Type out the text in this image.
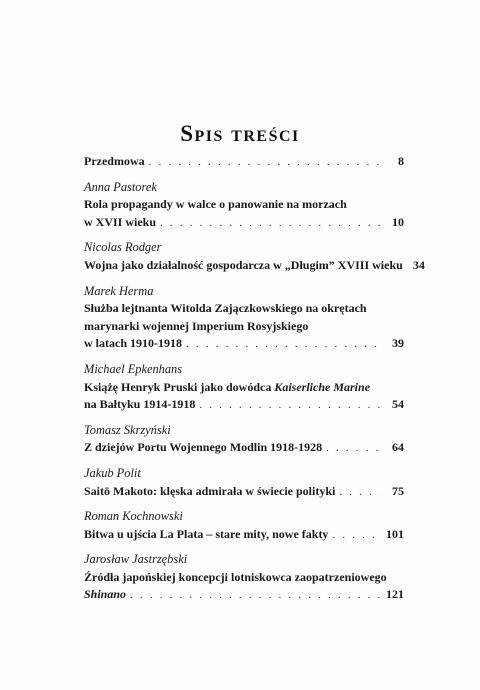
Spis treści
Przedmowa . . .	8
Anna Pastorek
Rola propagandy w walce o panowanie na morzach
w XVII wieku . . .	10
Nicolas Rodger
Wojna jako działalność gospodarcza w „Długim” XVIII wieku 34
Marek Herma
Służba lejtnanta Witolda Zajączkowskiego na okrętach
marynarki wojennej Imperium Rosyjskiego
w latach 1910-1918 . . .	39
Michael Epkenhans
Książę Henryk Pruski jako dowódca Kaiserliche Marine
na Bałtyku 1914-1918 . . .	54
Tomasz Skrzyński
Z dziejów Portu Wojennego Modlin 1918-1928 . . .	64
Jakub Polit
Saitō Makoto: klęska admirała w świecie polityki . . .	75
Roman Kochnowski
Bitwa u ujścia La Plata – stare mity, nowe fakty . . .	101
Jarosław Jastrzębski
Źródła japońskiej koncepcji lotniskowca zaopatrzeniowego
Shinano . . .	121
